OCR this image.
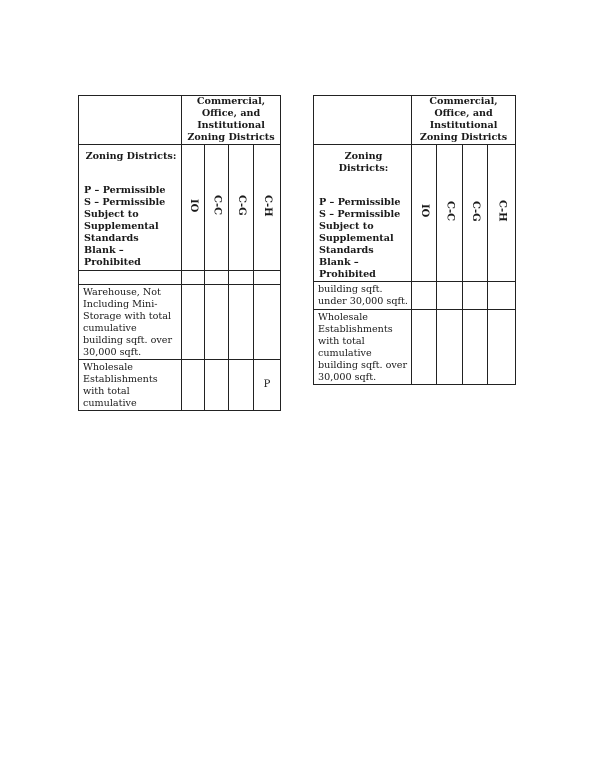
	Commercial, Office, and Institutional Zoning Districts			

Zoning Districts:
P – Permissible
S – Permissible Subject to Supplemental Standards
Blank – Prohibited	IO	C-C	C-G	C-H

Warehouse, Not Including Mini-Storage with total cumulative building sqft. over 30,000 sqft.				
Wholesale Establishments with total cumulative				P
	Commercial, Office, and Institutional Zoning Districts			

Zoning Districts:
P – Permissible
S – Permissible Subject to Supplemental Standards
Blank – Prohibited	IO	C-C	C-G	C-H
building sqft. under 30,000 sqft.				
Wholesale Establishments with total cumulative building sqft. over 30,000 sqft.				
